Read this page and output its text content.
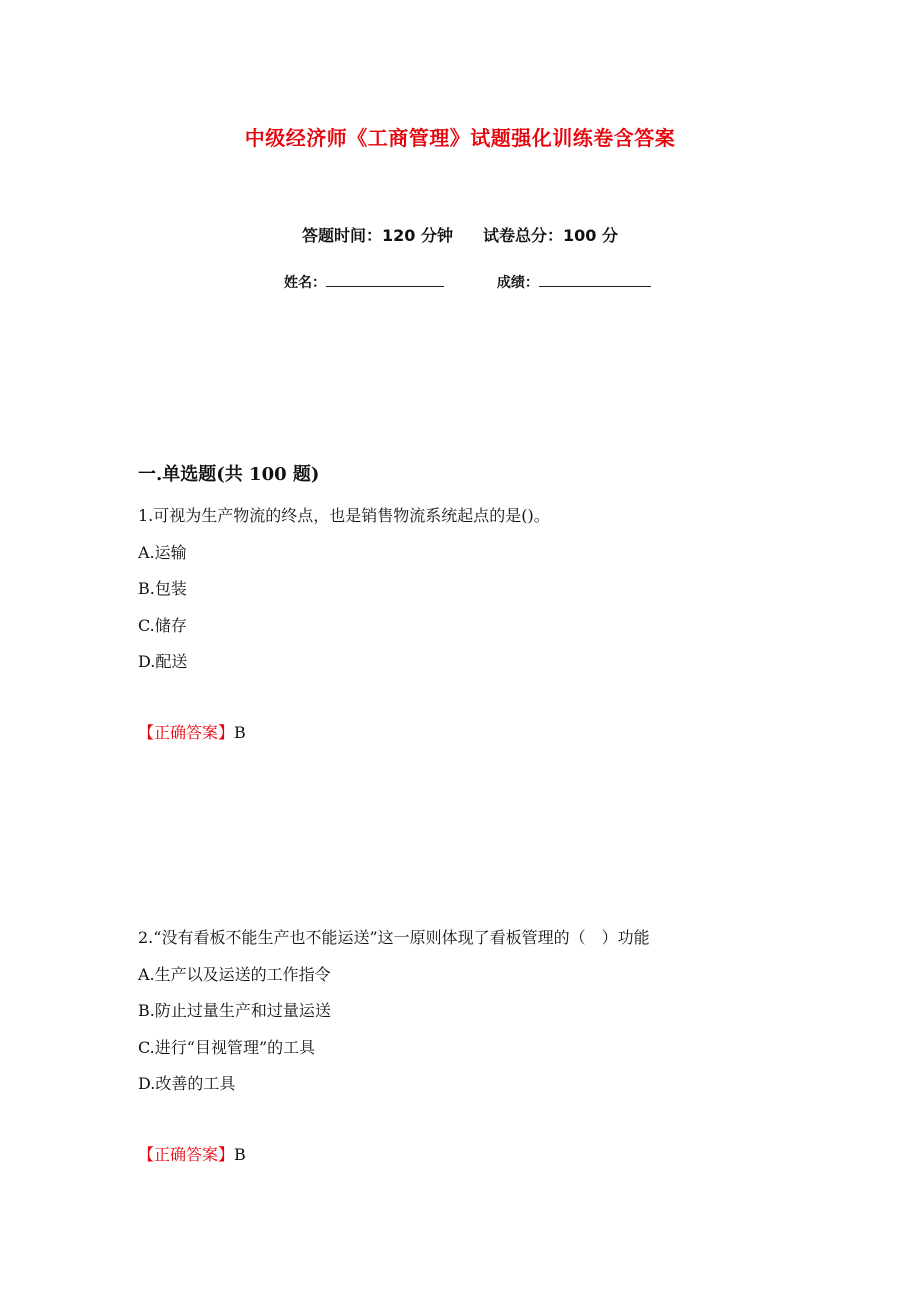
中级经济师《工商管理》试题强化训练卷含答案
答题时间：120 分钟 试卷总分：100 分
姓名：	成绩：
一.单选题(共 100 题)
1.可视为生产物流的终点，也是销售物流系统起点的是()。
A.运输
B.包装
C.储存
D.配送
【正确答案】B
2.“没有看板不能生产也不能运送”这一原则体现了看板管理的（　）功能
A.生产以及运送的工作指令
B.防止过量生产和过量运送
C.进行“目视管理”的工具
D.改善的工具
【正确答案】B
